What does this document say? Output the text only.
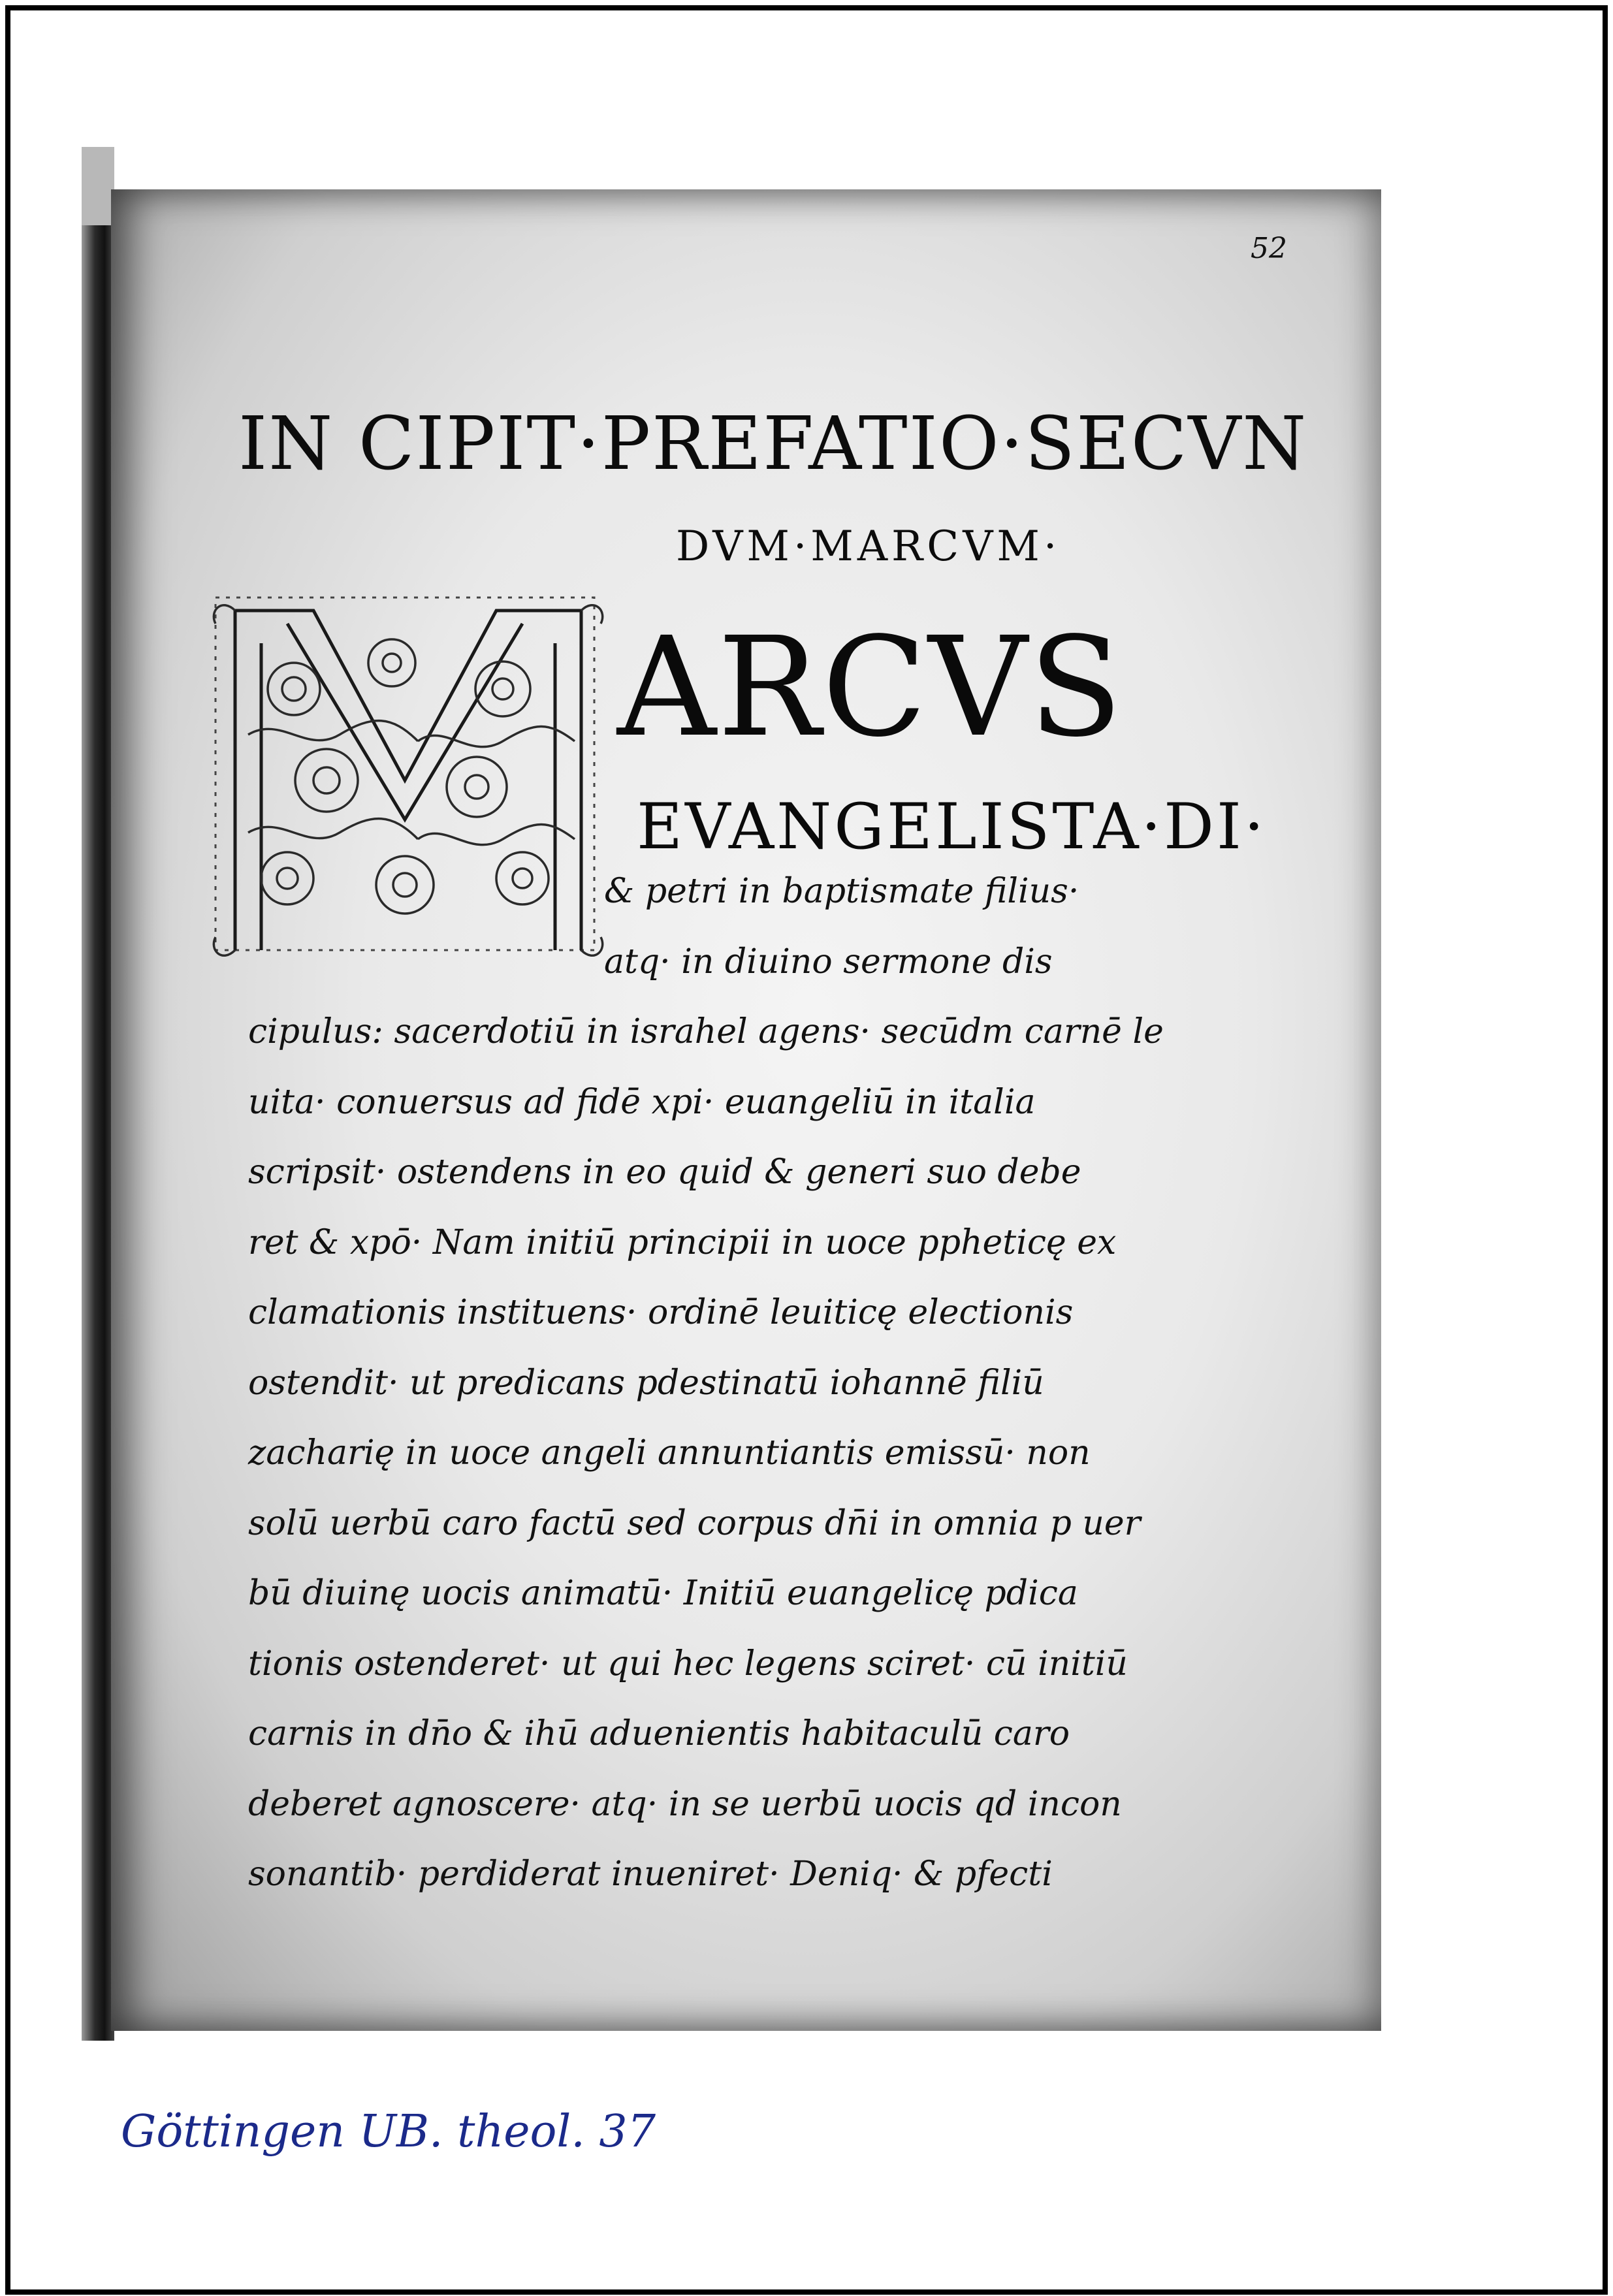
52
IN CIPIT·PREFATIO·SECVN
DVM·MARCVM·
ARCVS
EVANGELISTA·DI·
& petri in baptismate filius·
atq· in diuino sermone dis
cipulus: sacerdotiū in israhel agens· secūdm carnē le
uita· conuersus ad fidē xpi· euangeliū in italia
scripsit· ostendens in eo quid & generi suo debe
ret & xpō· Nam initiū principii in uoce ppheticę ex
clamationis instituens· ordinē leuiticę electionis
ostendit· ut predicans pdestinatū iohannē filiū
zacharię in uoce angeli annuntiantis emissū· non
solū uerbū caro factū sed corpus dn̄i in omnia p uer
bū diuinę uocis animatū· Initiū euangelicę pdica
tionis ostenderet· ut qui hec legens sciret· cū initiū
carnis in dn̄o & ihū aduenientis habitaculū caro
deberet agnoscere· atq· in se uerbū uocis qd incon
sonantib· perdiderat inueniret· Deniq· & pfecti
Göttingen UB. theol. 37
